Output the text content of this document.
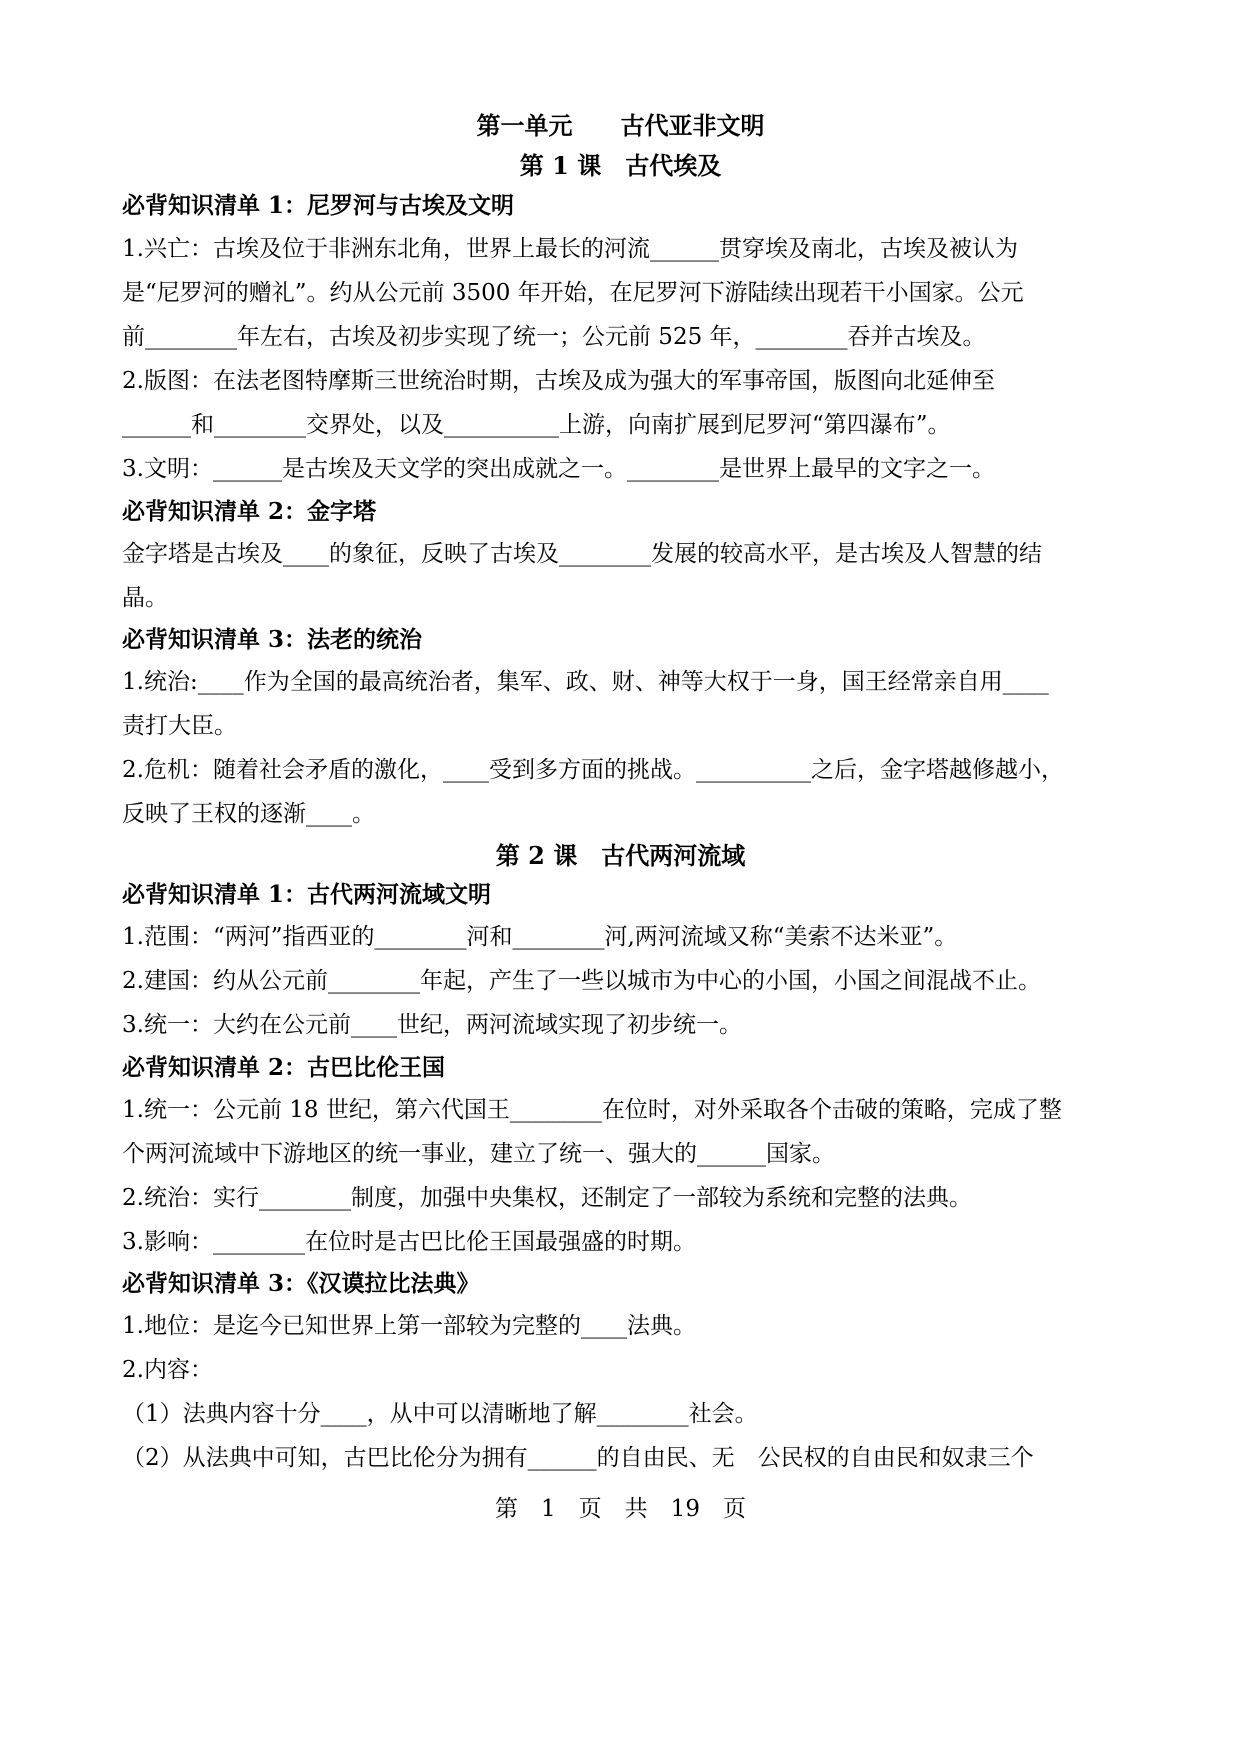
第一单元　　古代亚非文明
第 1 课　古代埃及
必背知识清单 1：尼罗河与古埃及文明
1.兴亡：古埃及位于非洲东北角，世界上最长的河流______贯穿埃及南北，古埃及被认为
是“尼罗河的赠礼”。约从公元前 3500 年开始，在尼罗河下游陆续出现若干小国家。公元
前________年左右，古埃及初步实现了统一；公元前 525 年，________吞并古埃及。
2.版图：在法老图特摩斯三世统治时期，古埃及成为强大的军事帝国，版图向北延伸至
______和________交界处，以及__________上游，向南扩展到尼罗河“第四瀑布”。
3.文明：______是古埃及天文学的突出成就之一。________是世界上最早的文字之一。
必背知识清单 2：金字塔
金字塔是古埃及____的象征，反映了古埃及________发展的较高水平，是古埃及人智慧的结
晶。
必背知识清单 3：法老的统治
1.统治:____作为全国的最高统治者，集军、政、财、神等大权于一身，国王经常亲自用____
责打大臣。
2.危机：随着社会矛盾的激化，____受到多方面的挑战。__________之后，金字塔越修越小，
反映了王权的逐渐____。
第 2 课　古代两河流域
必背知识清单 1：古代两河流域文明
1.范围：“两河”指西亚的________河和________河,两河流域又称“美索不达米亚”。
2.建国：约从公元前________年起，产生了一些以城市为中心的小国，小国之间混战不止。
3.统一：大约在公元前____世纪，两河流域实现了初步统一。
必背知识清单 2：古巴比伦王国
1.统一：公元前 18 世纪，第六代国王________在位时，对外采取各个击破的策略，完成了整
个两河流域中下游地区的统一事业，建立了统一、强大的______国家。
2.统治：实行________制度，加强中央集权，还制定了一部较为系统和完整的法典。
3.影响：________在位时是古巴比伦王国最强盛的时期。
必背知识清单 3：《汉谟拉比法典》
1.地位：是迄今已知世界上第一部较为完整的____法典。
2.内容：
（1）法典内容十分____，从中可以清晰地了解________社会。
（2）从法典中可知，古巴比伦分为拥有______的自由民、无　公民权的自由民和奴隶三个
第　1　页　共　19　页
